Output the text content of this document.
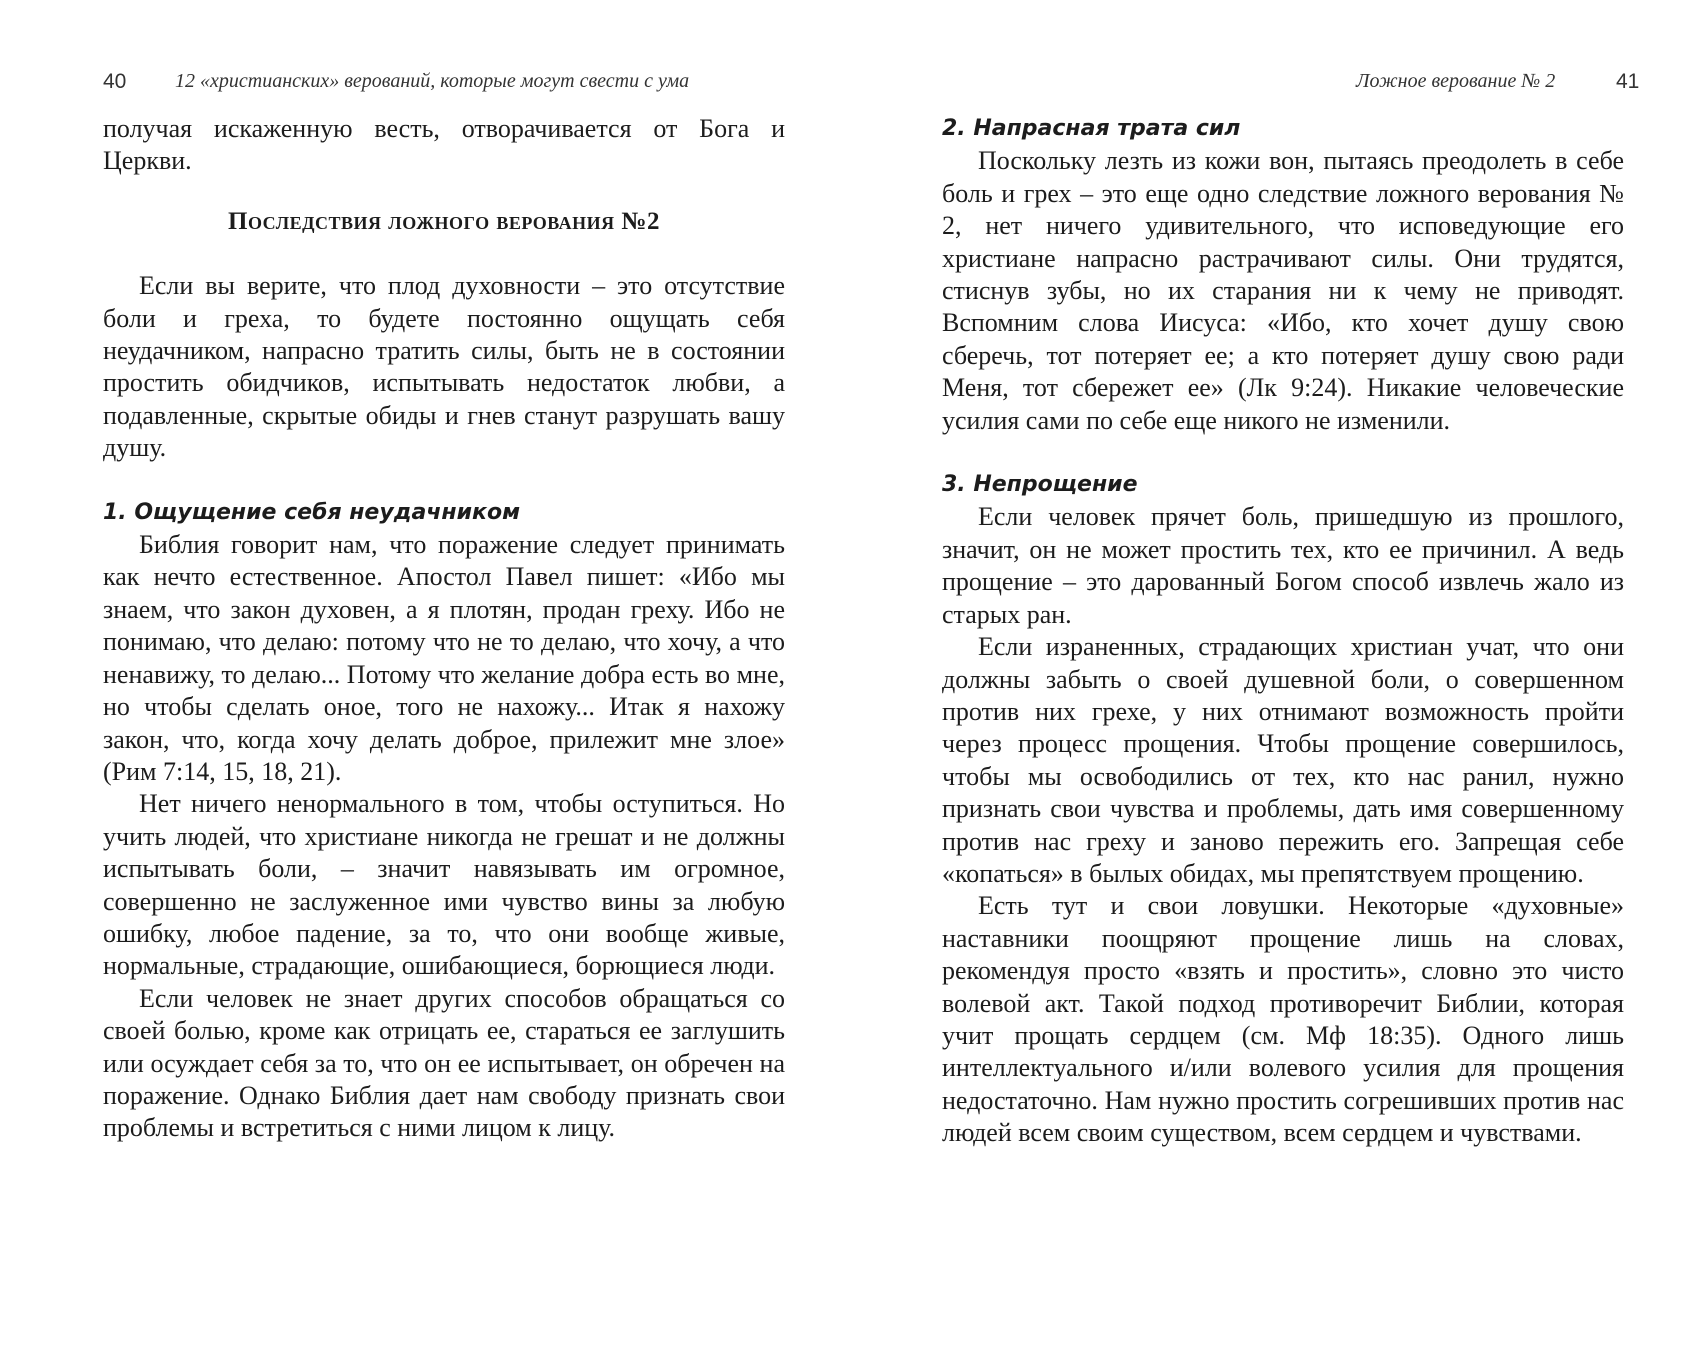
40 12 «христианских» верований, которые могут свести с ума

получая искаженную весть, отворачивается от Бога и Церкви.

Последствия ложного верования №2

Если вы верите, что плод духовности – это отсутствие боли и греха, то будете постоянно ощущать себя неудачником, напрасно тратить силы, быть не в состоянии простить обидчиков, испытывать недостаток любви, а подавленные, скрытые обиды и гнев станут разрушать вашу душу.

1. Ощущение себя неудачником

Библия говорит нам, что поражение следует принимать как нечто естественное. Апостол Павел пишет: «Ибо мы знаем, что закон духовен, а я плотян, продан греху. Ибо не понимаю, что делаю: потому что не то делаю, что хочу, а что ненавижу, то делаю... Потому что желание добра есть во мне, но чтобы сделать оное, того не нахожу... Итак я нахожу закон, что, когда хочу делать доброе, прилежит мне злое» (Рим 7:14, 15, 18, 21).

Нет ничего ненормального в том, чтобы оступиться. Но учить людей, что христиане никогда не грешат и не должны испытывать боли, – значит навязывать им огромное, совершенно не заслуженное ими чувство вины за любую ошибку, любое падение, за то, что они вообще живые, нормальные, страдающие, ошибающиеся, борющиеся люди.

Если человек не знает других способов обращаться со своей болью, кроме как отрицать ее, стараться ее заглушить или осуждает себя за то, что он ее испытывает, он обречен на поражение. Однако Библия дает нам свободу признать свои проблемы и встретиться с ними лицом к лицу.

Ложное верование № 2	41
2. Напрасная трата сил

Поскольку лезть из кожи вон, пытаясь преодолеть в себе боль и грех – это еще одно следствие ложного верования № 2, нет ничего удивительного, что исповедующие его христиане напрасно растрачивают силы. Они трудятся, стиснув зубы, но их старания ни к чему не приводят. Вспомним слова Иисуса: «Ибо, кто хочет душу свою сберечь, тот потеряет ее; а кто потеряет душу свою ради Меня, тот сбережет ее» (Лк 9:24). Никакие человеческие усилия сами по себе еще никого не изменили.

3. Непрощение

Если человек прячет боль, пришедшую из прошлого, значит, он не может простить тех, кто ее причинил. А ведь прощение – это дарованный Богом способ извлечь жало из старых ран.

Если израненных, страдающих христиан учат, что они должны забыть о своей душевной боли, о совершенном против них грехе, у них отнимают возможность пройти через процесс прощения. Чтобы прощение совершилось, чтобы мы освободились от тех, кто нас ранил, нужно признать свои чувства и проблемы, дать имя совершенному против нас греху и заново пережить его. Запрещая себе «копаться» в былых обидах, мы препятствуем прощению.

Есть тут и свои ловушки. Некоторые «духовные» наставники поощряют прощение лишь на словах, рекомендуя просто «взять и простить», словно это чисто волевой акт. Такой подход противоречит Библии, которая учит прощать сердцем (см. Мф 18:35). Одного лишь интеллектуального и/или волевого усилия для прощения недостаточно. Нам нужно простить согрешивших против нас людей всем своим существом, всем сердцем и чувствами.
